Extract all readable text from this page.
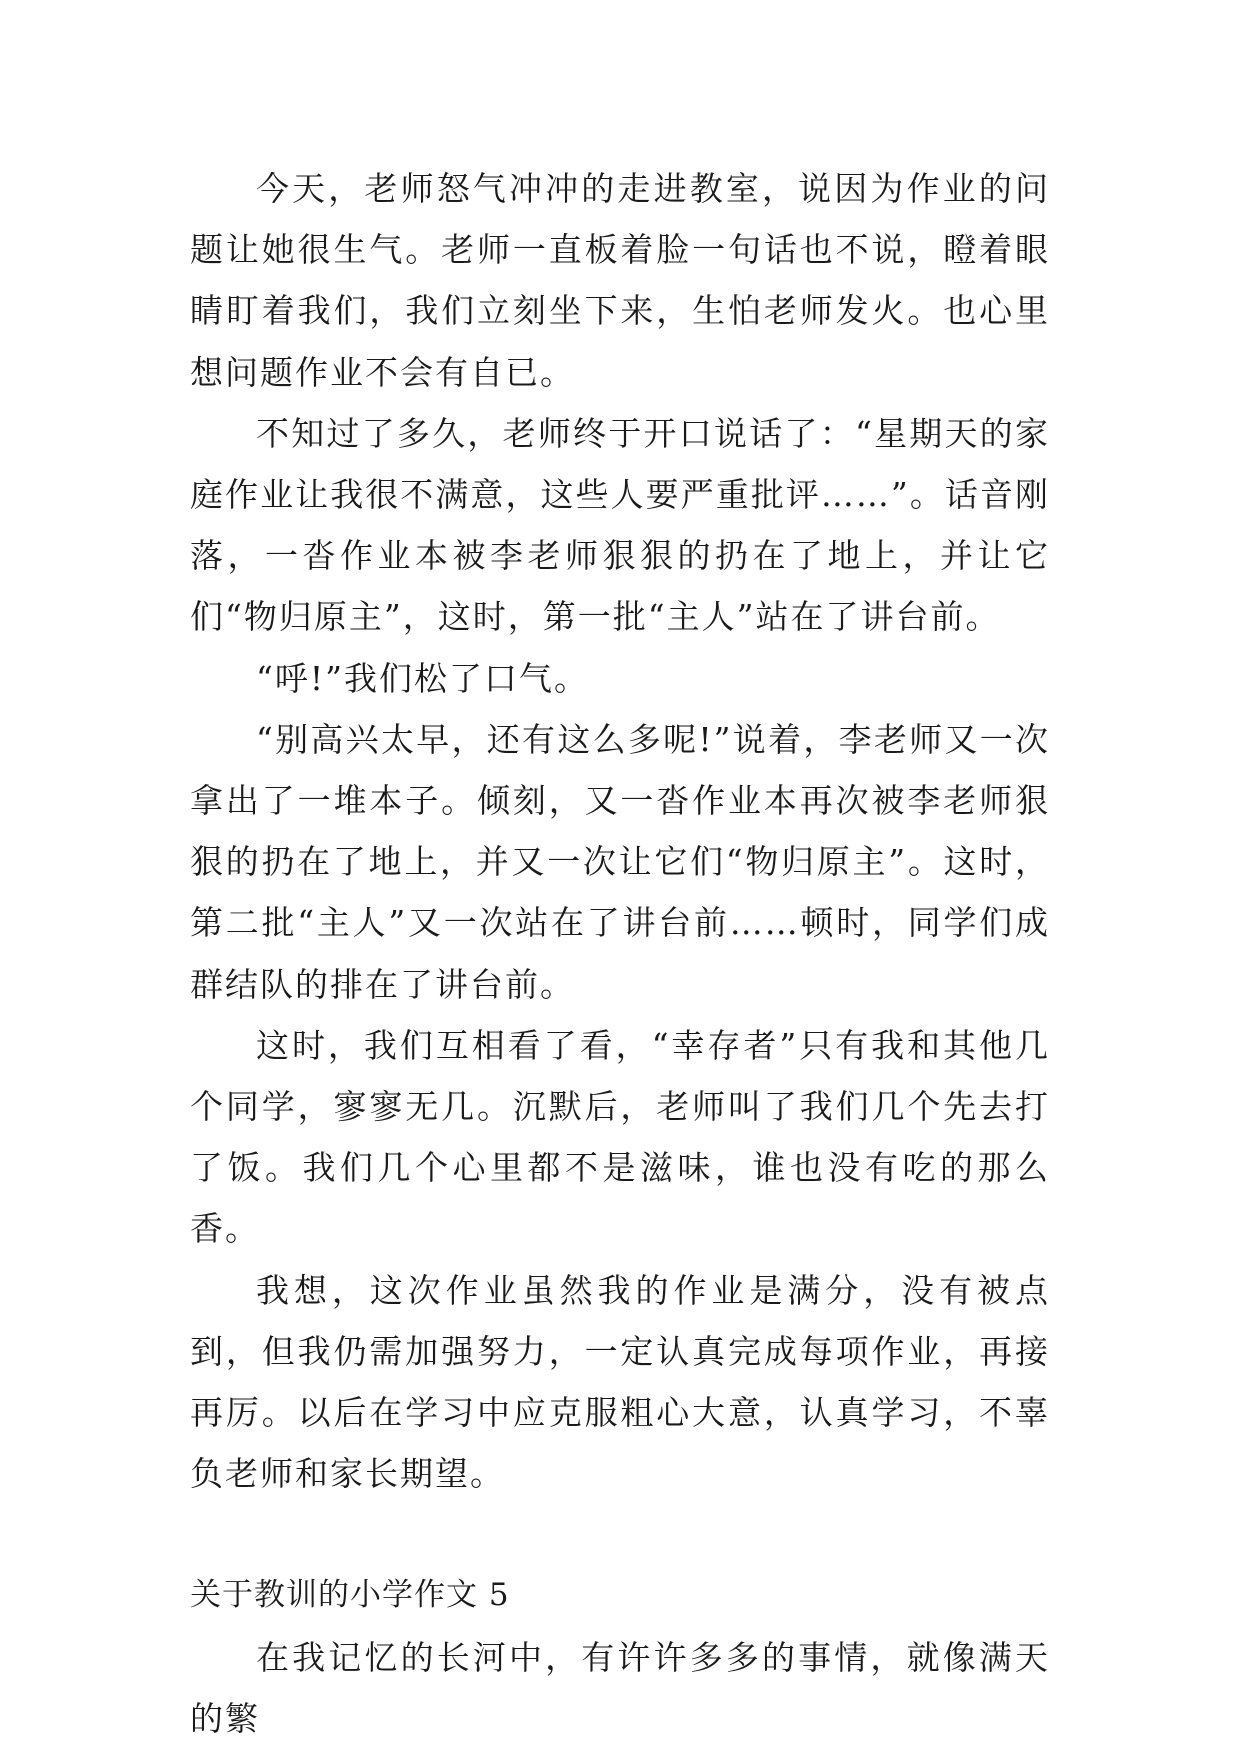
今天，老师怒气冲冲的走进教室，说因为作业的问题让她很生气。老师一直板着脸一句话也不说，瞪着眼睛盯着我们，我们立刻坐下来，生怕老师发火。也心里想问题作业不会有自已。

不知过了多久，老师终于开口说话了：“星期天的家庭作业让我很不满意，这些人要严重批评……”。话音刚落，一沓作业本被李老师狠狠的扔在了地上，并让它们“物归原主”，这时，第一批“主人”站在了讲台前。

“呼!”我们松了口气。

“别高兴太早，还有这么多呢!”说着，李老师又一次拿出了一堆本子。倾刻，又一沓作业本再次被李老师狠狠的扔在了地上，并又一次让它们“物归原主”。这时，第二批“主人”又一次站在了讲台前……顿时，同学们成群结队的排在了讲台前。

这时，我们互相看了看，“幸存者”只有我和其他几个同学，寥寥无几。沉默后，老师叫了我们几个先去打了饭。我们几个心里都不是滋味，谁也没有吃的那么香。

我想，这次作业虽然我的作业是满分，没有被点到，但我仍需加强努力，一定认真完成每项作业，再接再厉。以后在学习中应克服粗心大意，认真学习，不辜负老师和家长期望。

关于教训的小学作文 5

在我记忆的长河中，有许许多多的事情，就像满天的繁
